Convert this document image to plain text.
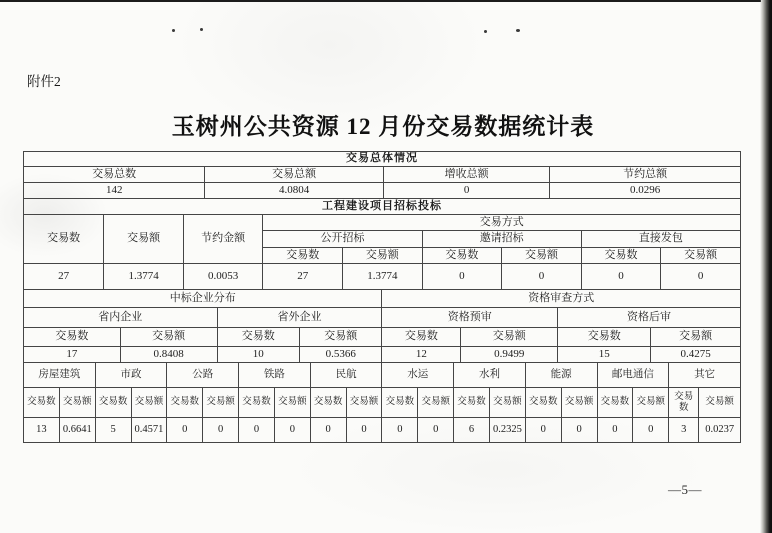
附件2
玉树州公共资源 12 月份交易数据统计表
交易总体情况			
交易总数	交易总额	增收总额	节约总额
142	4.0804	0	0.0296
工程建设项目招标投标								
交易数	交易额	节约金额	交易方式					
			公开招标		邀请招标		直接发包	
			交易数	交易额	交易数	交易额	交易数	交易额
27	1.3774	0.0053	27	1.3774	0	0	0	0
中标企业分布				资格审查方式			
省内企业		省外企业		资格预审		资格后审	
交易数	交易额	交易数	交易额	交易数	交易额	交易数	交易额
17	0.8408	10	0.5366	12	0.9499	15	0.4275
房屋建筑		市政		公路		铁路		民航		水运		水利		能源		邮电通信		其它	
交易数	交易额	交易数	交易额	交易数	交易额	交易数	交易额	交易数	交易额	交易数	交易额	交易数	交易额	交易数	交易额	交易数	交易额	交易数	交易额
13	0.6641	5	0.4571	0	0	0	0	0	0	0	0	6	0.2325	0	0	0	0	3	0.0237
—5—
